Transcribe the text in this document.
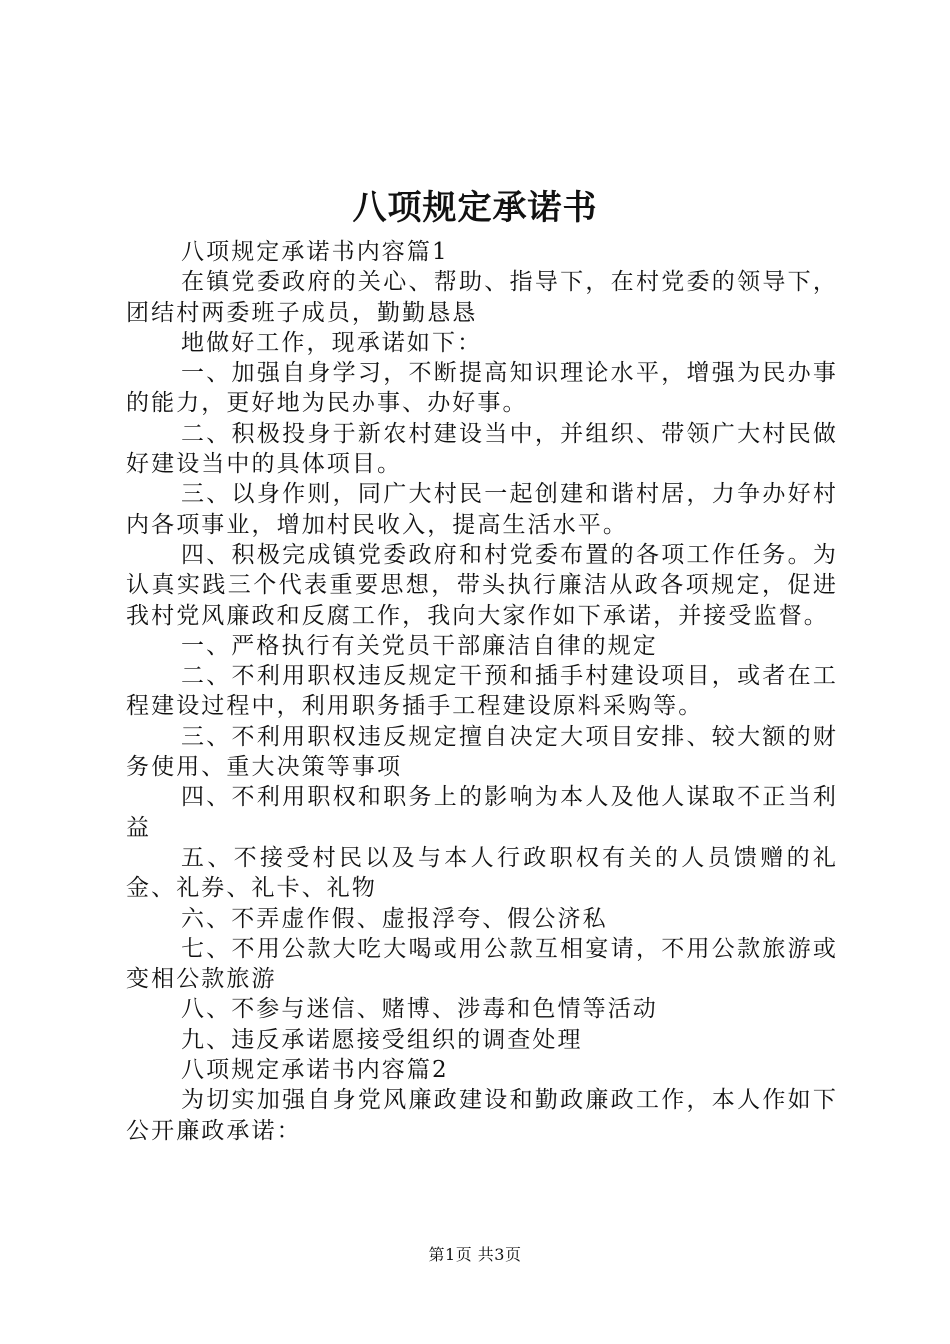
八项规定承诺书

八项规定承诺书内容篇1

在镇党委政府的关心、帮助、指导下，在村党委的领导下，团结村两委班子成员，勤勤恳恳

地做好工作，现承诺如下：

一、加强自身学习，不断提高知识理论水平，增强为民办事的能力，更好地为民办事、办好事。

二、积极投身于新农村建设当中，并组织、带领广大村民做好建设当中的具体项目。

三、以身作则，同广大村民一起创建和谐村居，力争办好村内各项事业，增加村民收入，提高生活水平。

四、积极完成镇党委政府和村党委布置的各项工作任务。为认真实践三个代表重要思想，带头执行廉洁从政各项规定，促进我村党风廉政和反腐工作，我向大家作如下承诺，并接受监督。

一、严格执行有关党员干部廉洁自律的规定

二、不利用职权违反规定干预和插手村建设项目，或者在工程建设过程中，利用职务插手工程建设原料采购等。

三、不利用职权违反规定擅自决定大项目安排、较大额的财务使用、重大决策等事项

四、不利用职权和职务上的影响为本人及他人谋取不正当利益

五、不接受村民以及与本人行政职权有关的人员馈赠的礼金、礼券、礼卡、礼物

六、不弄虚作假、虚报浮夸、假公济私

七、不用公款大吃大喝或用公款互相宴请，不用公款旅游或变相公款旅游

八、不参与迷信、赌博、涉毒和色情等活动

九、违反承诺愿接受组织的调查处理

八项规定承诺书内容篇2

为切实加强自身党风廉政建设和勤政廉政工作，本人作如下公开廉政承诺：

第1页 共3页
